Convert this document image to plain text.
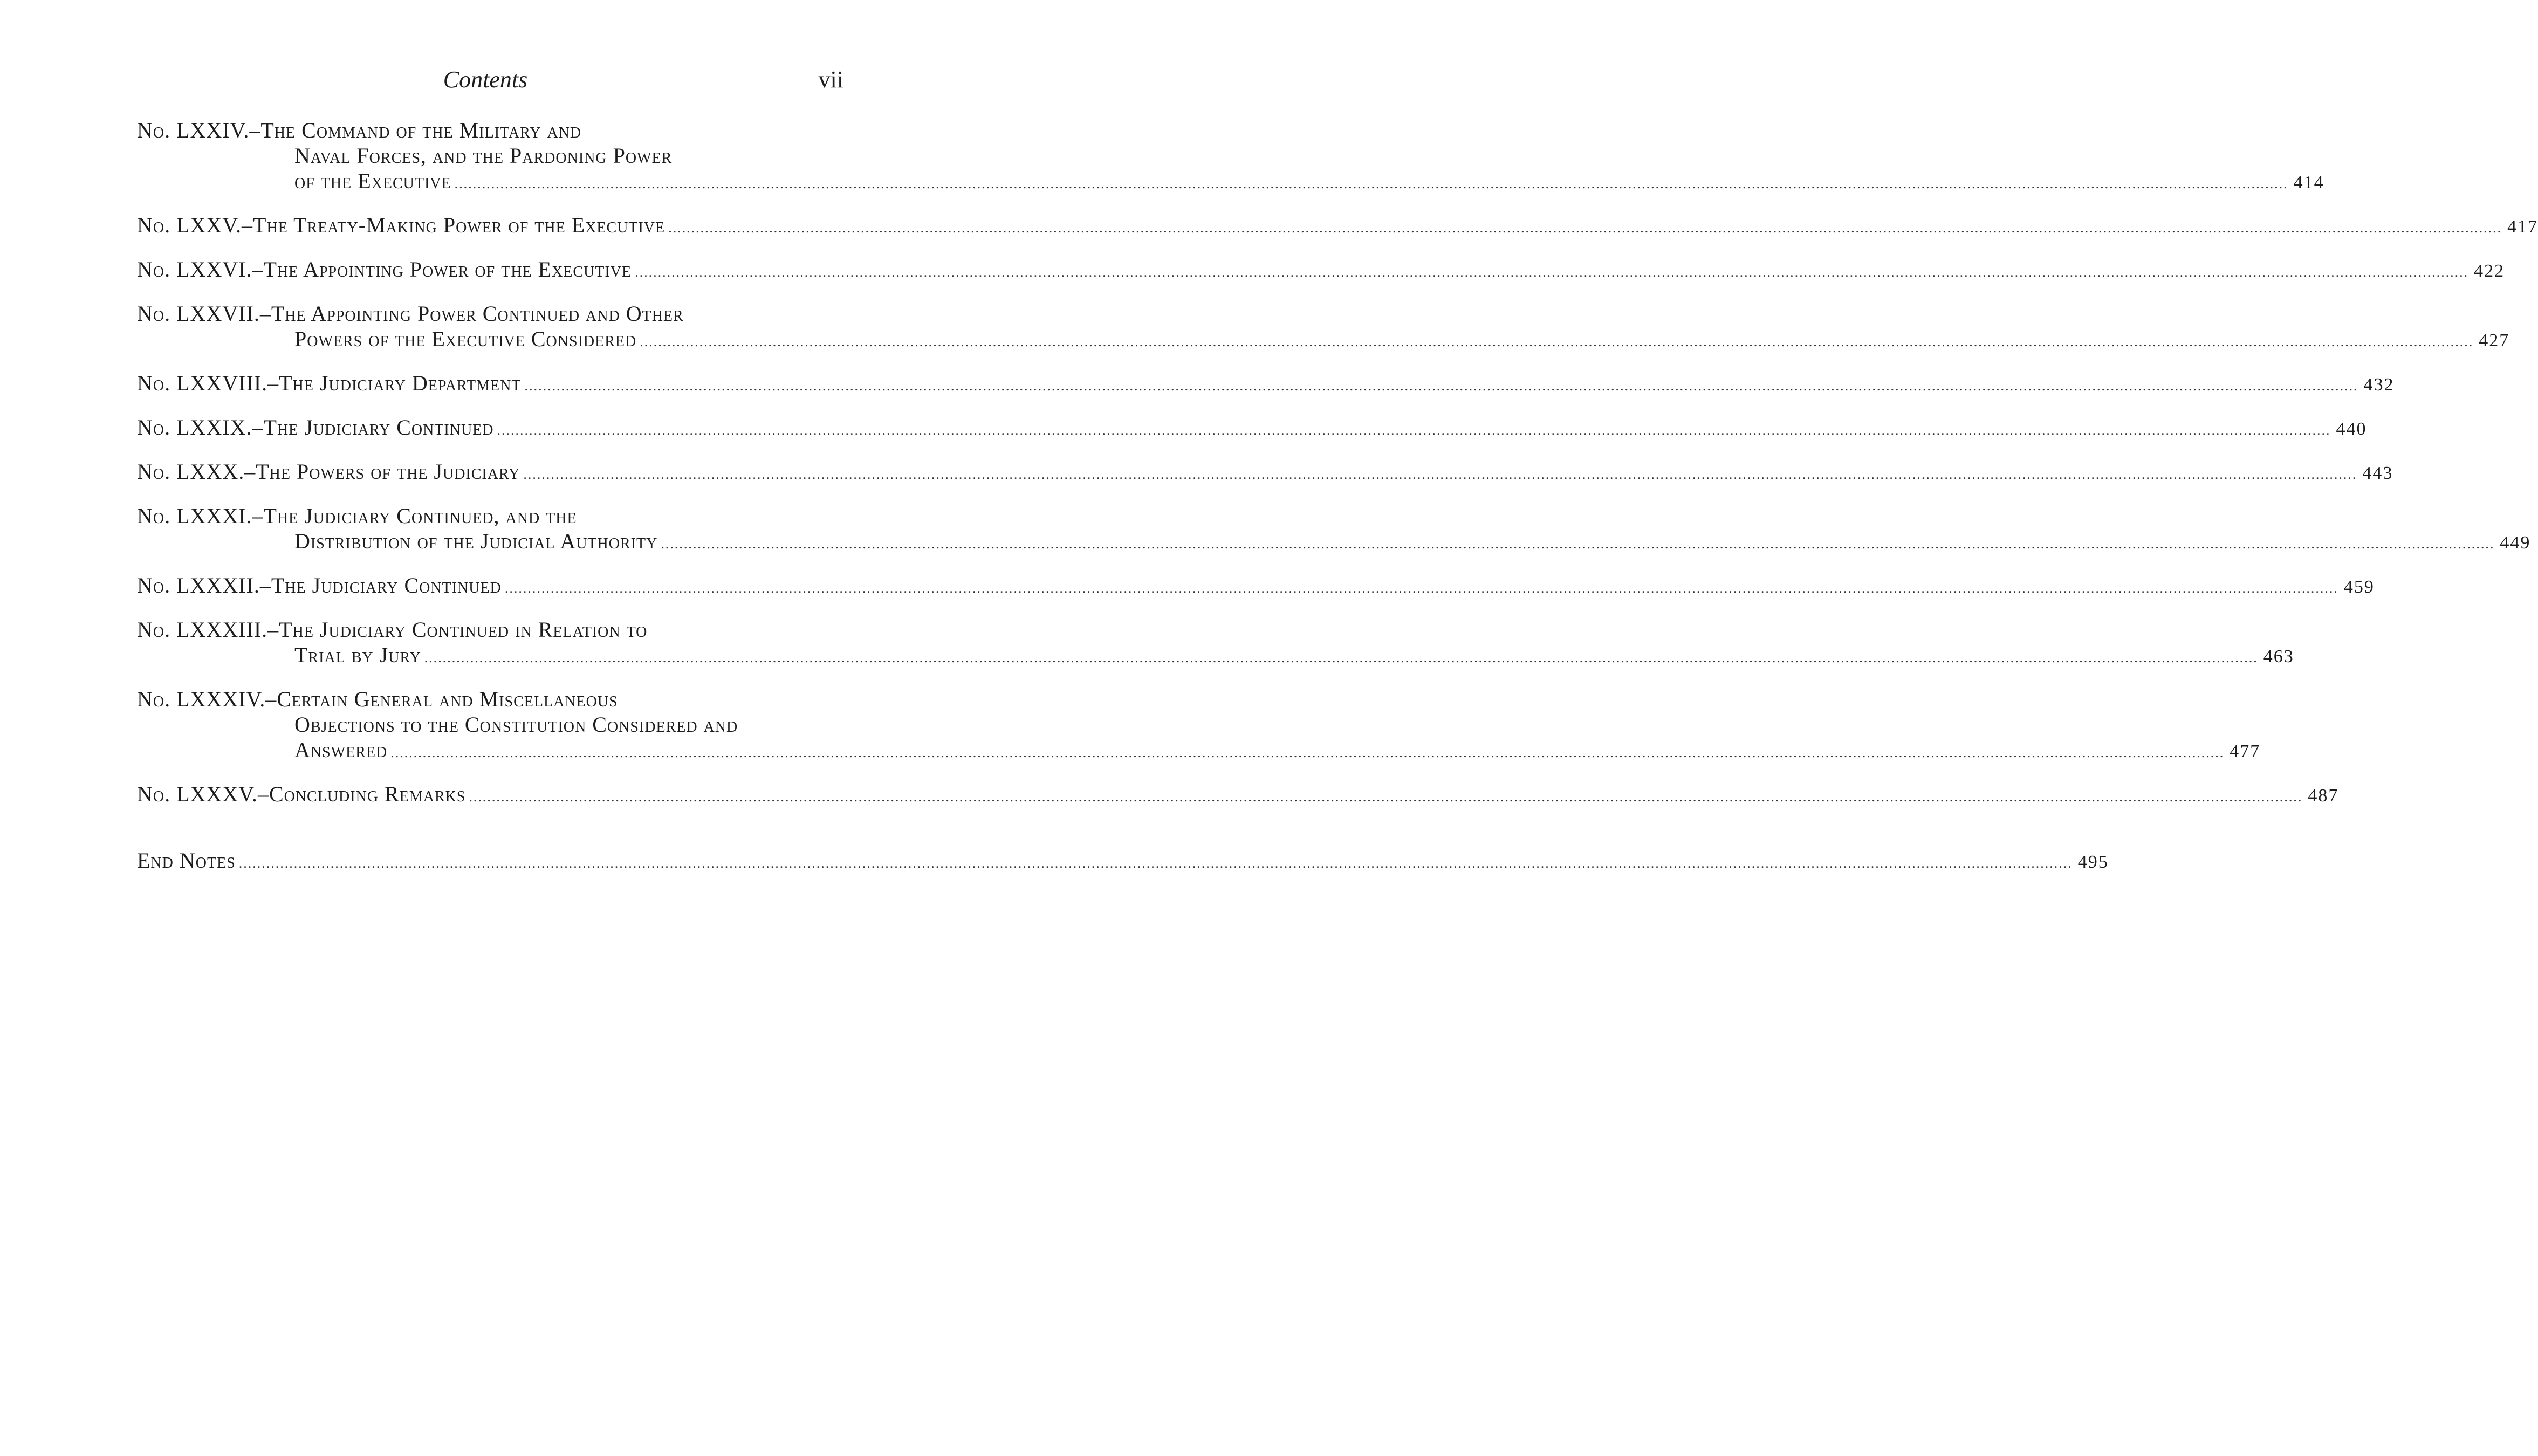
Contents	vii
No. LXXIV.–The Command of the Military and
Naval Forces, and the Pardoning Power
of the Executive ................................................................................................................................................................................................................................................................................................................................................................................................................ 414
No. LXXV.–The Treaty-Making Power of the Executive ................................................................................................................................................................................................................................................................................................................................................................................................................ 417
No. LXXVI.–The Appointing Power of the Executive ................................................................................................................................................................................................................................................................................................................................................................................................................ 422
No. LXXVII.–The Appointing Power Continued and Other
Powers of the Executive Considered ................................................................................................................................................................................................................................................................................................................................................................................................................ 427
No. LXXVIII.–The Judiciary Department ................................................................................................................................................................................................................................................................................................................................................................................................................ 432
No. LXXIX.–The Judiciary Continued ................................................................................................................................................................................................................................................................................................................................................................................................................ 440
No. LXXX.–The Powers of the Judiciary ................................................................................................................................................................................................................................................................................................................................................................................................................ 443
No. LXXXI.–The Judiciary Continued, and the
Distribution of the Judicial Authority ................................................................................................................................................................................................................................................................................................................................................................................................................ 449
No. LXXXII.–The Judiciary Continued ................................................................................................................................................................................................................................................................................................................................................................................................................ 459
No. LXXXIII.–The Judiciary Continued in Relation to
Trial by Jury ................................................................................................................................................................................................................................................................................................................................................................................................................ 463
No. LXXXIV.–Certain General and Miscellaneous
Objections to the Constitution Considered and
Answered ................................................................................................................................................................................................................................................................................................................................................................................................................ 477
No. LXXXV.–Concluding Remarks ................................................................................................................................................................................................................................................................................................................................................................................................................ 487
End Notes ................................................................................................................................................................................................................................................................................................................................................................................................................ 495
